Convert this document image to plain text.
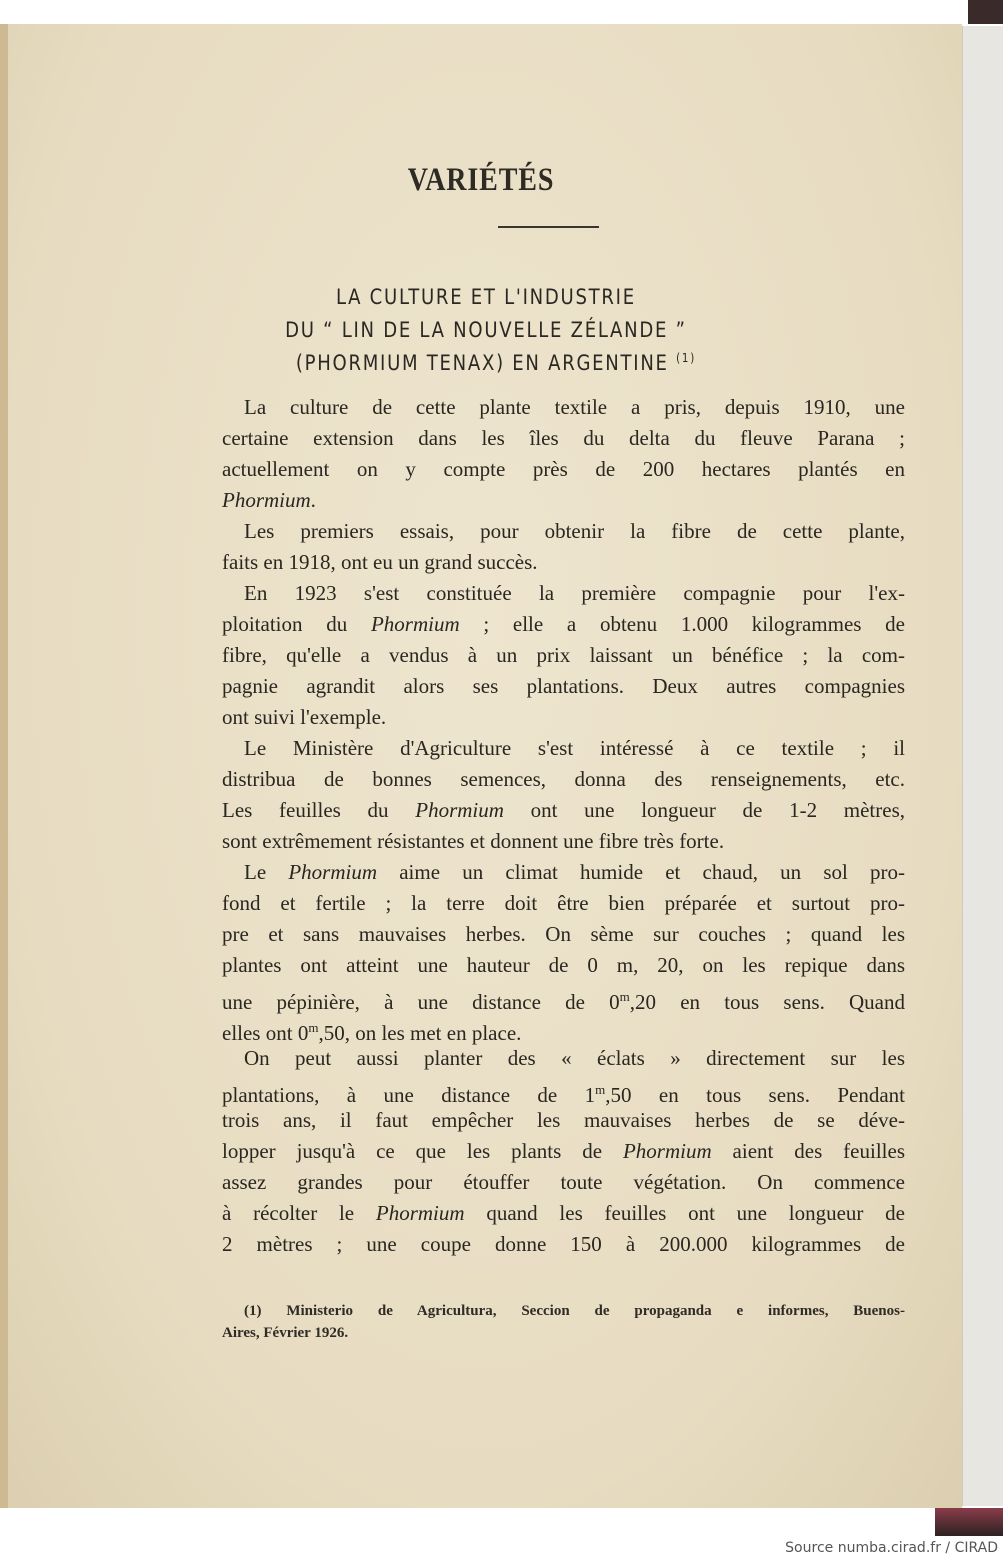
VARIÉTÉS
LA CULTURE ET L'INDUSTRIE
DU “ LIN DE LA NOUVELLE ZÉLANDE ”
(PHORMIUM TENAX) EN ARGENTINE $^{(1)}$
La culture de cette plante textile a pris, depuis 1910, une
certaine extension dans les îles du delta du fleuve Parana ;
actuellement on y compte près de 200 hectares plantés en
Phormium.
Les premiers essais, pour obtenir la fibre de cette plante,
faits en 1918, ont eu un grand succès.
En 1923 s'est constituée la première compagnie pour l'ex-
ploitation du Phormium ; elle a obtenu 1.000 kilogrammes de
fibre, qu'elle a vendus à un prix laissant un bénéfice ; la com-
pagnie agrandit alors ses plantations. Deux autres compagnies
ont suivi l'exemple.
Le Ministère d'Agriculture s'est intéressé à ce textile ; il
distribua de bonnes semences, donna des renseignements, etc.
Les feuilles du Phormium ont une longueur de 1-2 mètres,
sont extrêmement résistantes et donnent une fibre très forte.
Le Phormium aime un climat humide et chaud, un sol pro-
fond et fertile ; la terre doit être bien préparée et surtout pro-
pre et sans mauvaises herbes. On sème sur couches ; quand les
plantes ont atteint une hauteur de 0 m, 20, on les repique dans
une pépinière, à une distance de 0$^m$,20 en tous sens. Quand
elles ont 0$^m$,50, on les met en place.
On peut aussi planter des « éclats » directement sur les
plantations, à une distance de 1$^m$,50 en tous sens. Pendant
trois ans, il faut empêcher les mauvaises herbes de se déve-
lopper jusqu'à ce que les plants de Phormium aient des feuilles
assez grandes pour étouffer toute végétation. On commence
à récolter le Phormium quand les feuilles ont une longueur de
2 mètres ; une coupe donne 150 à 200.000 kilogrammes de
(1) Ministerio de Agricultura, Seccion de propaganda e informes, Buenos-
Aires, Février 1926.
Source numba.cirad.fr / CIRAD
